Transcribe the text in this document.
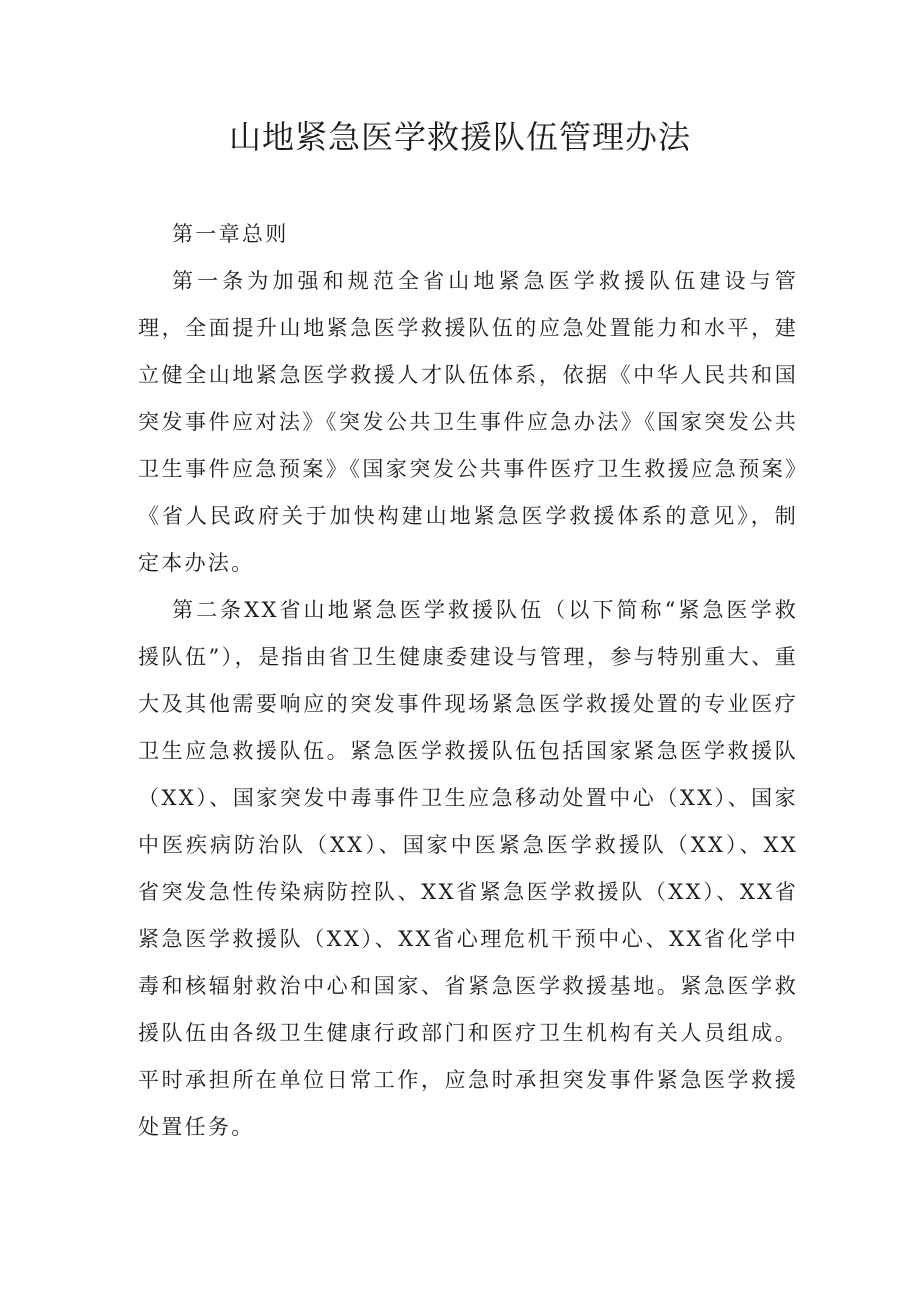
山地紧急医学救援队伍管理办法

第一章总则

第一条为加强和规范全省山地紧急医学救援队伍建设与管理，全面提升山地紧急医学救援队伍的应急处置能力和水平，建立健全山地紧急医学救援人才队伍体系，依据《中华人民共和国突发事件应对法》《突发公共卫生事件应急办法》《国家突发公共卫生事件应急预案》《国家突发公共事件医疗卫生救援应急预案》《省人民政府关于加快构建山地紧急医学救援体系的意见》，制定本办法。

第二条XX省山地紧急医学救援队伍（以下简称“紧急医学救援队伍”），是指由省卫生健康委建设与管理，参与特别重大、重大及其他需要响应的突发事件现场紧急医学救援处置的专业医疗卫生应急救援队伍。紧急医学救援队伍包括国家紧急医学救援队（XX）、国家突发中毒事件卫生应急移动处置中心（XX）、国家中医疾病防治队（XX）、国家中医紧急医学救援队（XX）、XX省突发急性传染病防控队、XX省紧急医学救援队（XX）、XX省紧急医学救援队（XX）、XX省心理危机干预中心、XX省化学中毒和核辐射救治中心和国家、省紧急医学救援基地。紧急医学救援队伍由各级卫生健康行政部门和医疗卫生机构有关人员组成。平时承担所在单位日常工作，应急时承担突发事件紧急医学救援处置任务。
